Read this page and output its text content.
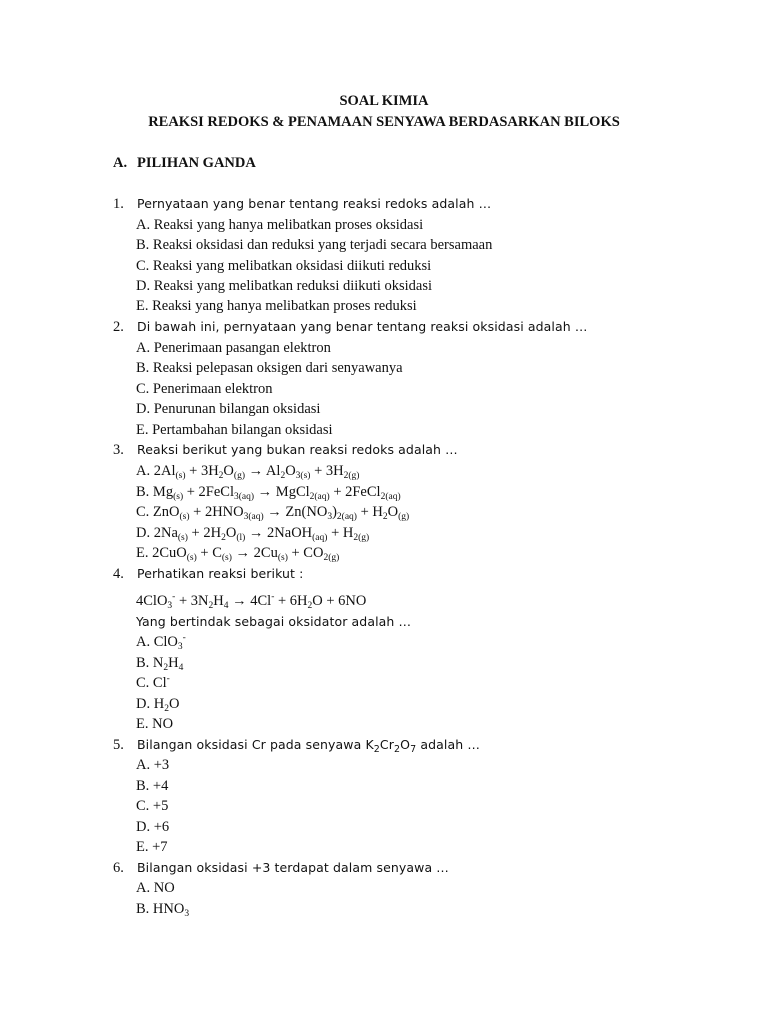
SOAL KIMIA
REAKSI REDOKS & PENAMAAN SENYAWA BERDASARKAN BILOKS
A. PILIHAN GANDA
1. Pernyataan yang benar tentang reaksi redoks adalah …
A. Reaksi yang hanya melibatkan proses oksidasi
B. Reaksi oksidasi dan reduksi yang terjadi secara bersamaan
C. Reaksi yang melibatkan oksidasi diikuti reduksi
D. Reaksi yang melibatkan reduksi diikuti oksidasi
E. Reaksi yang hanya melibatkan proses reduksi
2. Di bawah ini, pernyataan yang benar tentang reaksi oksidasi adalah …
A. Penerimaan pasangan elektron
B. Reaksi pelepasan oksigen dari senyawanya
C. Penerimaan elektron
D. Penurunan bilangan oksidasi
E. Pertambahan bilangan oksidasi
3. Reaksi berikut yang bukan reaksi redoks adalah …
A. $2Al_{(s)} + 3H_2O_{(g)} \to Al_2O_{3(s)} + 3H_{2(g)}$
B. $Mg_{(s)}$ + 2FeCl$_{3(aq)}$ → MgCl$_{2(aq)}$ + 2FeCl$_{2(aq)}$
C. $ZnO_{(s)} + 2HNO_{3(aq)} \to Zn(NO_3)_{2(aq)} + H_2O_{(g)}$
D. $2Na_{(s)} + 2H_2O_{(l)}$ → 2NaOH$_{(aq)}$ + $H_{2(g)}$
E. $2CuO_{(s)} + C_{(s)} \to 2Cu_{(s)} + CO_{2(g)}$
4. Perhatikan reaksi berikut :
$4ClO_3^- + 3N_2H_4 \to 4Cl^- + 6H_2O + 6NO$
Yang bertindak sebagai oksidator adalah …
A. ClO$_3$-
B. $N_2H_4$
C. Cl-
D. $H_2O$
E. NO
5. Bilangan oksidasi Cr pada senyawa $K_2Cr_2O_7$ adalah …
A. +3
B. +4
C. +5
D. +6
E. +7
6. Bilangan oksidasi +3 terdapat dalam senyawa …
A. NO
B. $HNO_3$
